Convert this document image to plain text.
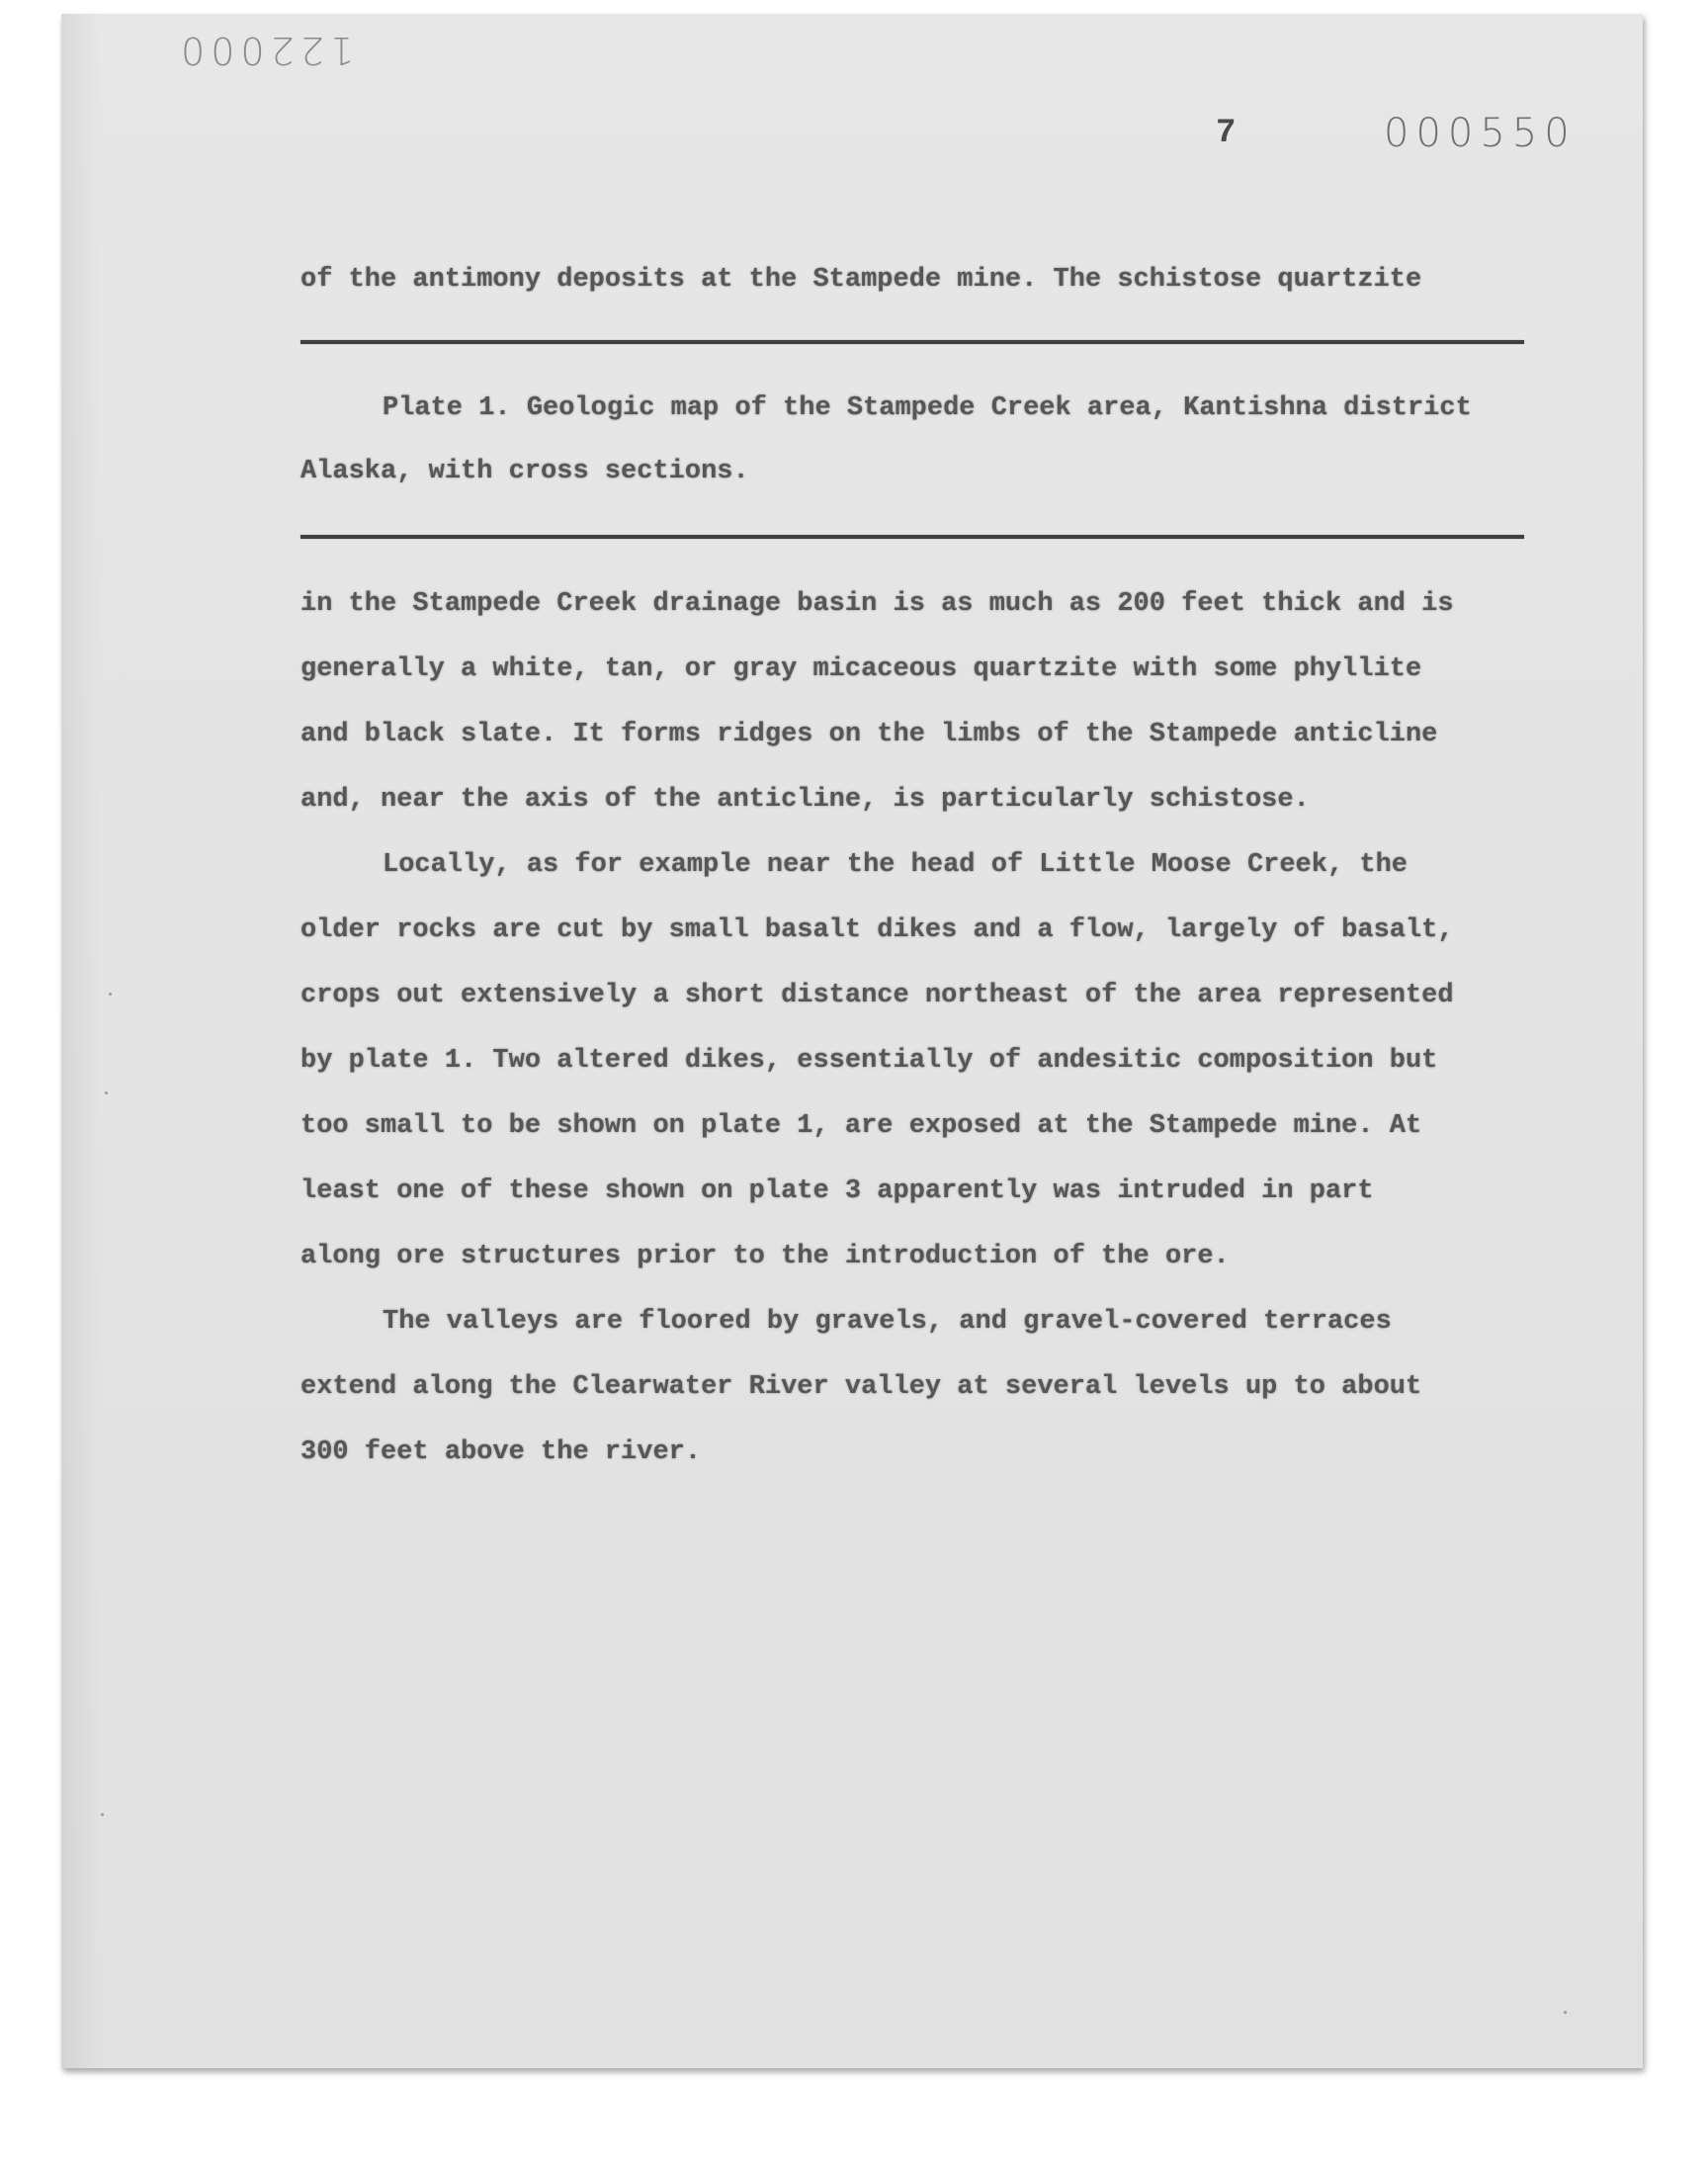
122000
7	000550
of the antimony deposits at the Stampede mine. The schistose quartzite
Plate 1. Geologic map of the Stampede Creek area, Kantishna district
Alaska, with cross sections.
in the Stampede Creek drainage basin is as much as 200 feet thick and is
generally a white, tan, or gray micaceous quartzite with some phyllite
and black slate. It forms ridges on the limbs of the Stampede anticline
and, near the axis of the anticline, is particularly schistose.
Locally, as for example near the head of Little Moose Creek, the
older rocks are cut by small basalt dikes and a flow, largely of basalt,
crops out extensively a short distance northeast of the area represented
by plate 1. Two altered dikes, essentially of andesitic composition but
too small to be shown on plate 1, are exposed at the Stampede mine. At
least one of these shown on plate 3 apparently was intruded in part
along ore structures prior to the introduction of the ore.
The valleys are floored by gravels, and gravel-covered terraces
extend along the Clearwater River valley at several levels up to about
300 feet above the river.
